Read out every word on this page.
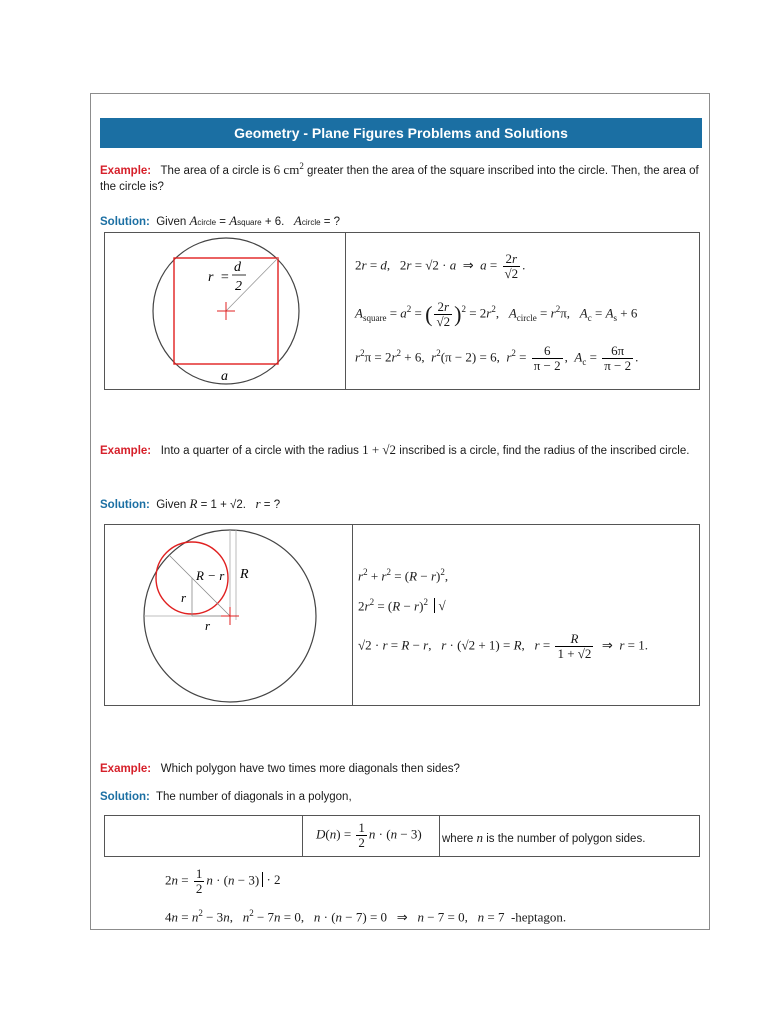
Geometry - Plane Figures Problems and Solutions
Example: The area of a circle is 6 $cm^2$ greater then the area of the square inscribed into the circle. Then, the area of the circle is?
Solution:  Given Acircle = Asquare + 6.   Acircle = ?
r =
d
2
a
2r = d,   2r = √2 · a  ⇒  $a = \frac{2r}{√2}$ .
$A_{square} = a^2$ = ( $\frac{2r}{√2} )^2 = 2r^2$,   $A_{circle} = r^2\pi$,   $A_c = A_s + 6$
$r^2\pi = 2r^2 + 6$,  $r^2(\pi - 2) = 6$,  $r^2 = \frac{6}{\pi - 2}$ ,  $A_c = \frac{6\pi}{\pi - 2}$ .
Example: Into a quarter of a circle with the radius 1 + √2 inscribed is a circle, find the radius of the inscribed circle.
Solution:  Given R = 1 + √2.   r = ?
R − r R
r
r
$r^2 + r^2 = (R - r)^2$,
$2r^2 = (R - r)^2$ √
√2 · r = R − r,   r · (√2 + 1) = R,   $r = \frac{R}{1 + √2}$ ⇒  r = 1.
Example: Which polygon have two times more diagonals then sides?
Solution: The number of diagonals in a polygon,
$D(n) = \frac{1}{2}$ n · (n − 3) where n is the number of polygon sides.
$2n = \frac{1}{2}$ n · (n − 3) · 2
$4n = n^2 - 3n$,   $n^2 - 7n = 0$,   n · (n − 7) = 0   ⇒   n − 7 = 0,   n = 7  -heptagon.
